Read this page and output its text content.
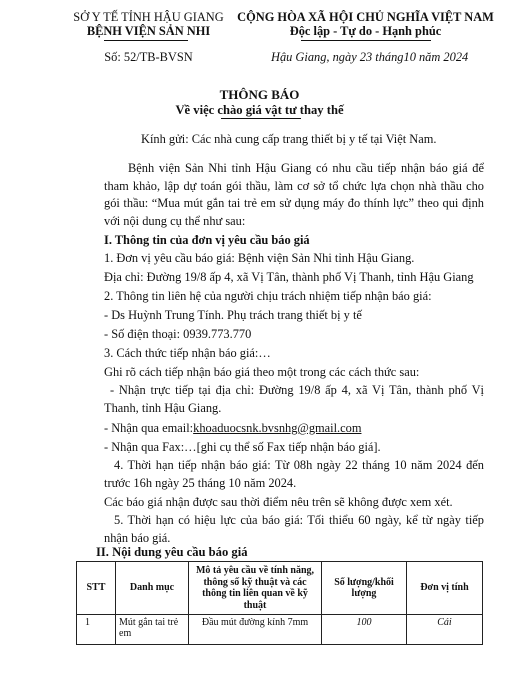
SỞ Y TẾ TỈNH HẬU GIANG
BỆNH VIỆN SẢN NHI
Số: 52/TB-BVSN
CỘNG HÒA XÃ HỘI CHỦ NGHĨA VIỆT NAM
Độc lập - Tự do - Hạnh phúc
Hậu Giang, ngày 23 tháng10 năm 2024
THÔNG BÁO
Về việc chào giá vật tư thay thế
Kính gửi: Các nhà cung cấp trang thiết bị y tế tại Việt Nam.
Bệnh viện Sản Nhi tỉnh Hậu Giang có nhu cầu tiếp nhận báo giá để tham khảo, lập dự toán gói thầu, làm cơ sở tổ chức lựa chọn nhà thầu cho gói thầu: “Mua mút gắn tai trẻ em sử dụng máy đo thính lực” theo qui định với nội dung cụ thể như sau:
I. Thông tin của đơn vị yêu cầu báo giá
1. Đơn vị yêu cầu báo giá: Bệnh viện Sản Nhi tỉnh Hậu Giang.
Địa chỉ: Đường 19/8 ấp 4, xã Vị Tân, thành phố Vị Thanh, tỉnh Hậu Giang
2. Thông tin liên hệ của người chịu trách nhiệm tiếp nhận báo giá:
- Ds Huỳnh Trung Tính. Phụ trách trang thiết bị y tế
- Số điện thoại: 0939.773.770
3. Cách thức tiếp nhận báo giá:…
Ghi rõ cách tiếp nhận báo giá theo một trong các cách thức sau:
- Nhận trực tiếp tại địa chỉ: Đường 19/8 ấp 4, xã Vị Tân, thành phố Vị Thanh, tỉnh Hậu Giang.
- Nhận qua email:khoaduocsnk.bvsnhg@gmail.com
- Nhận qua Fax:…[ghi cụ thể số Fax tiếp nhận báo giá].
4. Thời hạn tiếp nhận báo giá: Từ 08h ngày 22 tháng 10 năm 2024 đến trước 16h ngày 25 tháng 10 năm 2024.
Các báo giá nhận được sau thời điểm nêu trên sẽ không được xem xét.
5. Thời hạn có hiệu lực của báo giá: Tối thiểu 60 ngày, kể từ ngày tiếp nhận báo giá.
II. Nội dung yêu cầu báo giá
STT	Danh mục	Mô tả yêu cầu về tính năng, thông số kỹ thuật và các thông tin liên quan về kỹ thuật	Số lượng/khối lượng	Đơn vị tính
1	Mút gắn tai trẻ em	Đầu mút đường kính 7mm	100	Cái
